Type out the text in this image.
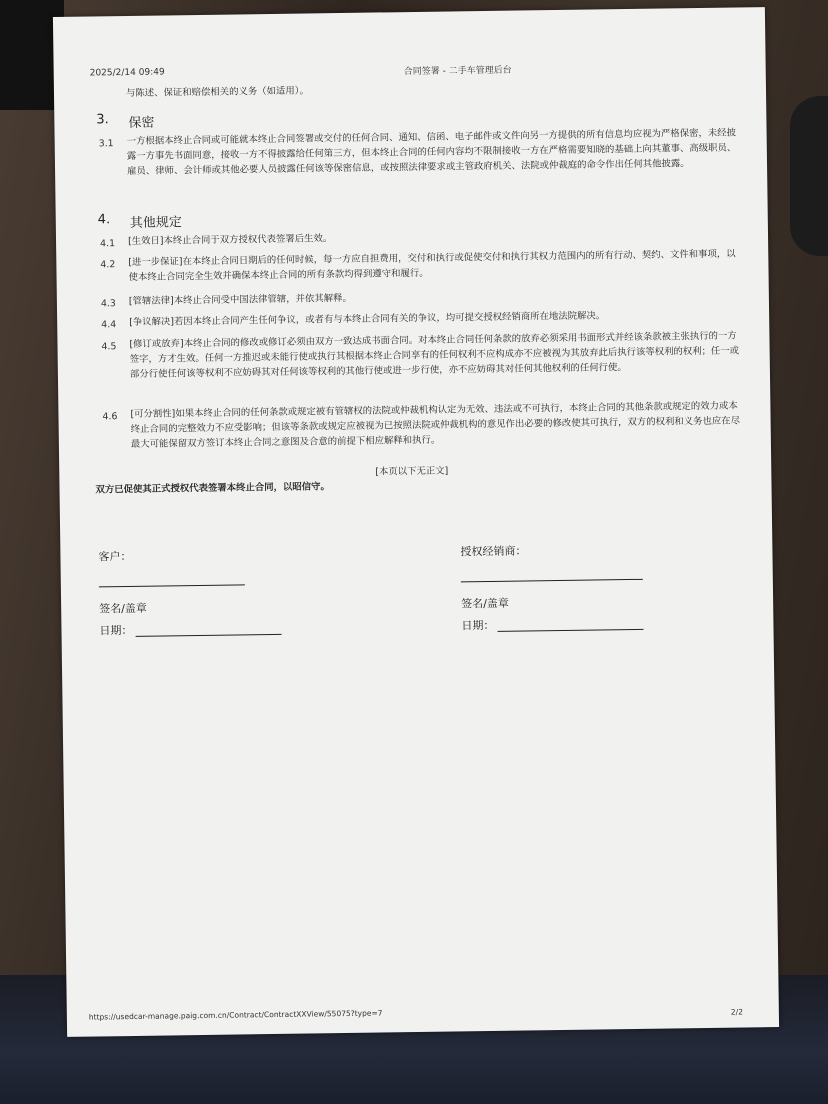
2025/2/14 09:49	合同签署 - 二手车管理后台
与陈述、保证和赔偿相关的义务（如适用）。
3. 保密
3.1 一方根据本终止合同或可能就本终止合同签署或交付的任何合同、通知、信函、电子邮件或文件向另一方提供的所有信息均应视为严格保密，未经披露一方事先书面同意，接收一方不得披露给任何第三方，但本终止合同的任何内容均不限制接收一方在严格需要知晓的基础上向其董事、高级职员、雇员、律师、会计师或其他必要人员披露任何该等保密信息，或按照法律要求或主管政府机关、法院或仲裁庭的命令作出任何其他披露。
4. 其他规定
4.1 [生效日]本终止合同于双方授权代表签署后生效。
4.2 [进一步保证]在本终止合同日期后的任何时候，每一方应自担费用，交付和执行或促使交付和执行其权力范围内的所有行动、契约、文件和事项，以使本终止合同完全生效并确保本终止合同的所有条款均得到遵守和履行。
4.3 [管辖法律]本终止合同受中国法律管辖，并依其解释。
4.4 [争议解决]若因本终止合同产生任何争议，或者有与本终止合同有关的争议，均可提交授权经销商所在地法院解决。
4.5 [修订或放弃]本终止合同的修改或修订必须由双方一致达成书面合同。对本终止合同任何条款的放弃必须采用书面形式并经该条款被主张执行的一方签字，方才生效。任何一方推迟或未能行使或执行其根据本终止合同享有的任何权利不应构成亦不应被视为其放弃此后执行该等权利的权利；任一或部分行使任何该等权利不应妨碍其对任何该等权利的其他行使或进一步行使，亦不应妨碍其对任何其他权利的任何行使。
4.6 [可分割性]如果本终止合同的任何条款或规定被有管辖权的法院或仲裁机构认定为无效、违法或不可执行，本终止合同的其他条款或规定的效力或本终止合同的完整效力不应受影响；但该等条款或规定应被视为已按照法院或仲裁机构的意见作出必要的修改使其可执行，双方的权利和义务也应在尽最大可能保留双方签订本终止合同之意图及合意的前提下相应解释和执行。
[本页以下无正文]
双方已促使其正式授权代表签署本终止合同，以昭信守。
客户：
签名/盖章
日期：
授权经销商：
签名/盖章
日期：
https://usedcar-manage.paig.com.cn/Contract/ContractXXView/55075?type=7	2/2
